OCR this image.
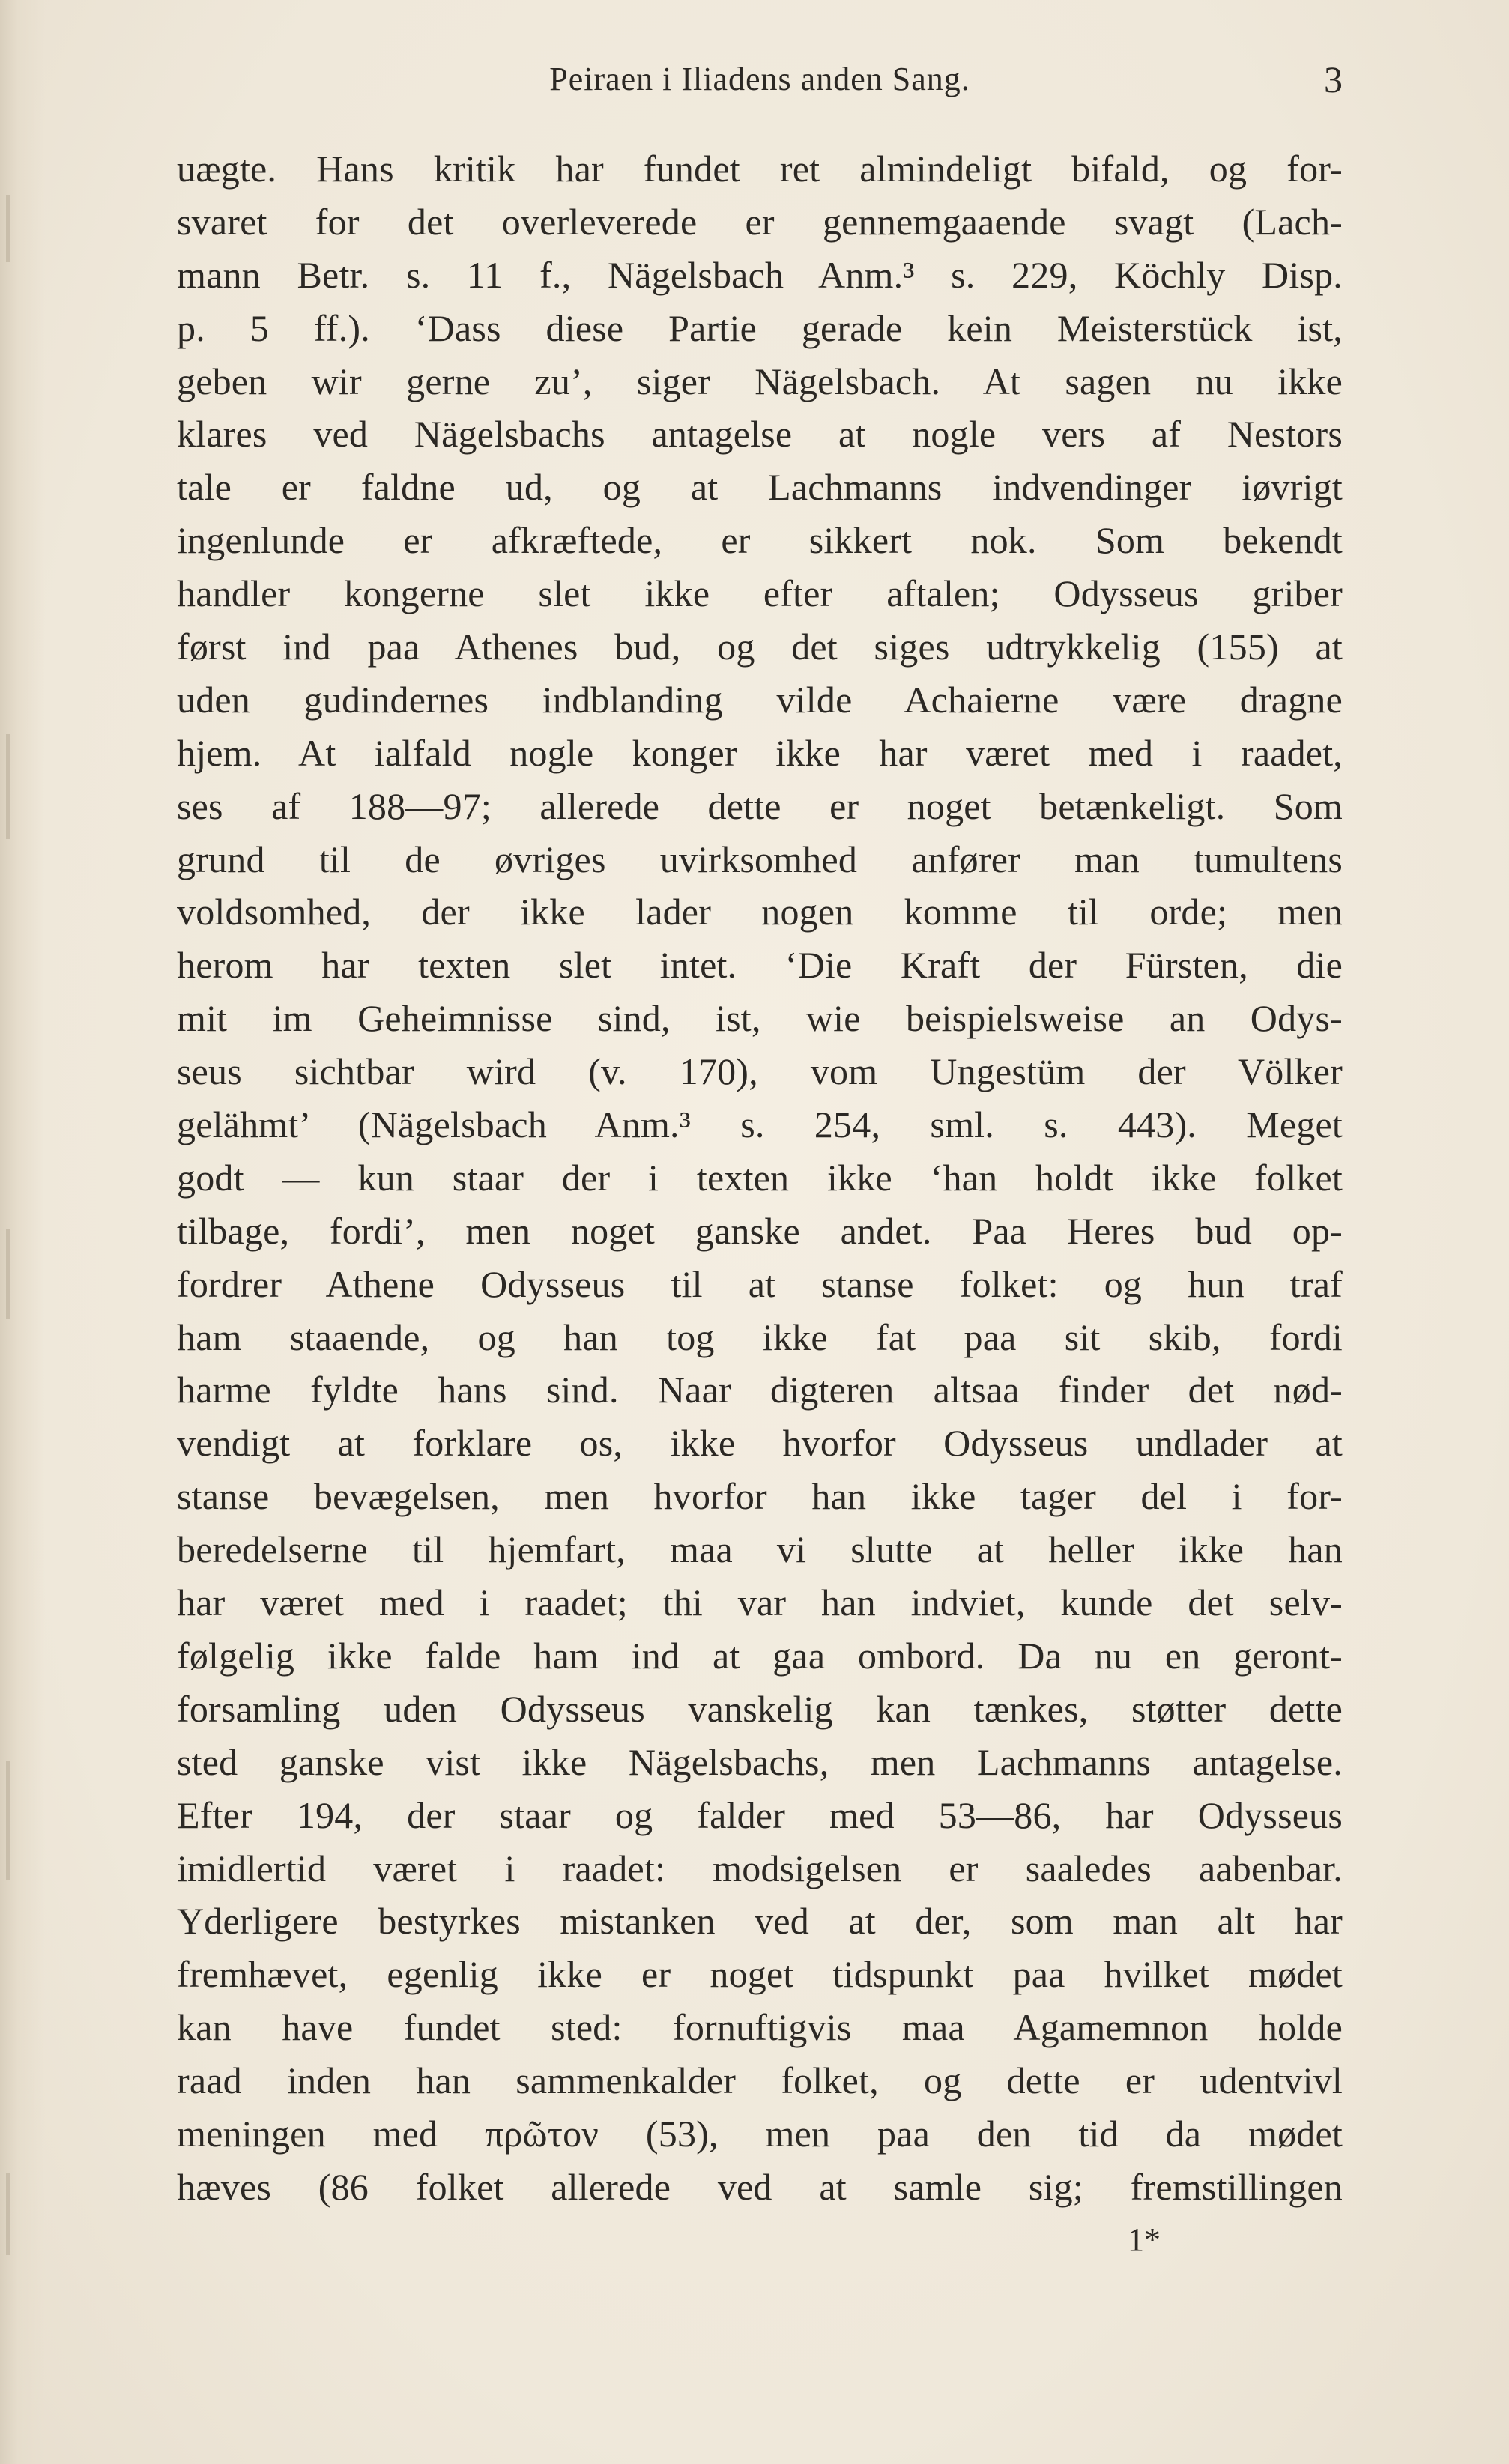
Peiraen i Iliadens anden Sang.	3
uægte. Hans kritik har fundet ret almindeligt bifald, og for-
svaret for det overleverede er gennemgaaende svagt (Lach-
mann Betr. s. 11 f., Nägelsbach Anm.³ s. 229, Köchly Disp.
p. 5 ff.). ‘Dass diese Partie gerade kein Meisterstück ist,
geben wir gerne zu’, siger Nägelsbach. At sagen nu ikke
klares ved Nägelsbachs antagelse at nogle vers af Nestors
tale er faldne ud, og at Lachmanns indvendinger iøvrigt
ingenlunde er afkræftede, er sikkert nok. Som bekendt
handler kongerne slet ikke efter aftalen; Odysseus griber
først ind paa Athenes bud, og det siges udtrykkelig (155) at
uden gudindernes indblanding vilde Achaierne være dragne
hjem. At ialfald nogle konger ikke har været med i raadet,
ses af 188—97; allerede dette er noget betænkeligt. Som
grund til de øvriges uvirksomhed anfører man tumultens
voldsomhed, der ikke lader nogen komme til orde; men
herom har texten slet intet. ‘Die Kraft der Fürsten, die
mit im Geheimnisse sind, ist, wie beispielsweise an Odys-
seus sichtbar wird (v. 170), vom Ungestüm der Völker
gelähmt’ (Nägelsbach Anm.³ s. 254, sml. s. 443). Meget
godt — kun staar der i texten ikke ‘han holdt ikke folket
tilbage, fordi’, men noget ganske andet. Paa Heres bud op-
fordrer Athene Odysseus til at stanse folket: og hun traf
ham staaende, og han tog ikke fat paa sit skib, fordi
harme fyldte hans sind. Naar digteren altsaa finder det nød-
vendigt at forklare os, ikke hvorfor Odysseus undlader at
stanse bevægelsen, men hvorfor han ikke tager del i for-
beredelserne til hjemfart, maa vi slutte at heller ikke han
har været med i raadet; thi var han indviet, kunde det selv-
følgelig ikke falde ham ind at gaa ombord. Da nu en geront-
forsamling uden Odysseus vanskelig kan tænkes, støtter dette
sted ganske vist ikke Nägelsbachs, men Lachmanns antagelse.
Efter 194, der staar og falder med 53—86, har Odysseus
imidlertid været i raadet: modsigelsen er saaledes aabenbar.
Yderligere bestyrkes mistanken ved at der, som man alt har
fremhævet, egenlig ikke er noget tidspunkt paa hvilket mødet
kan have fundet sted: fornuftigvis maa Agamemnon holde
raad inden han sammenkalder folket, og dette er udentvivl
meningen med πρῶτον (53), men paa den tid da mødet
hæves (86 folket allerede ved at samle sig; fremstillingen
1*
